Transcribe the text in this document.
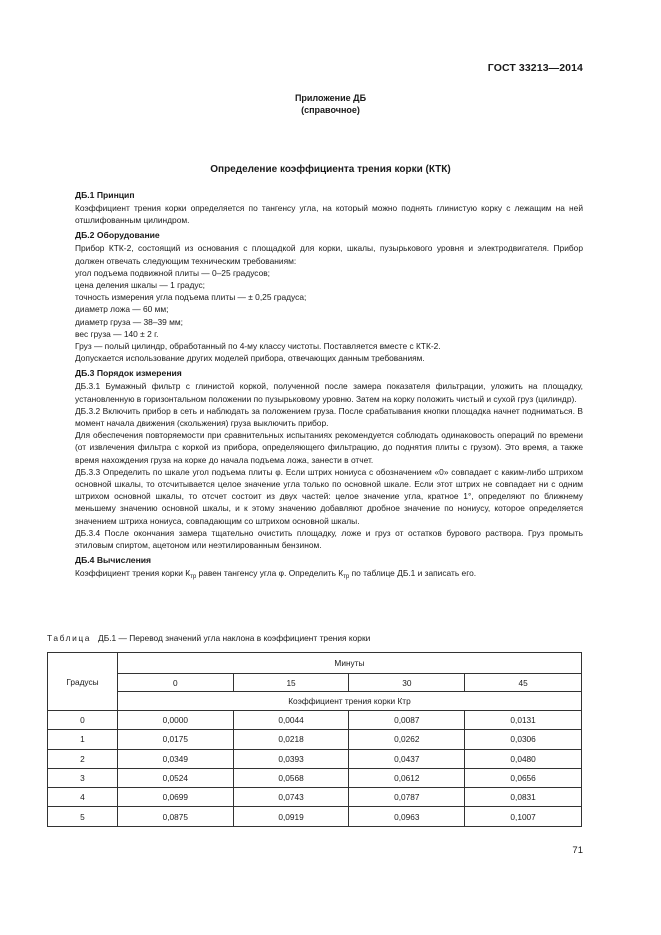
ГОСТ 33213—2014
Приложение ДБ
(справочное)
Определение коэффициента трения корки (КТК)
ДБ.1 Принцип

Коэффициент трения корки определяется по тангенсу угла, на который можно поднять глинистую корку с лежащим на ней отшлифованным цилиндром.

ДБ.2 Оборудование

Прибор КТК-2, состоящий из основания с площадкой для корки, шкалы, пузырькового уровня и электродвигателя. Прибор должен отвечать следующим техническим требованиям:

угол подъема подвижной плиты — 0–25 градусов;

цена деления шкалы — 1 градус;

точность измерения угла подъема плиты — ± 0,25 градуса;

диаметр ложа — 60 мм;

диаметр груза — 38–39 мм;

вес груза — 140 ± 2 г.

Груз — полый цилиндр, обработанный по 4-му классу чистоты. Поставляется вместе с КТК-2.

Допускается использование других моделей прибора, отвечающих данным требованиям.

ДБ.3 Порядок измерения

ДБ.3.1 Бумажный фильтр с глинистой коркой, полученной после замера показателя фильтрации, уложить на площадку, установленную в горизонтальном положении по пузырьковому уровню. Затем на корку положить чистый и сухой груз (цилиндр).

ДБ.3.2 Включить прибор в сеть и наблюдать за положением груза. После срабатывания кнопки площадка начнет подниматься. В момент начала движения (скольжения) груза выключить прибор.

Для обеспечения повторяемости при сравнительных испытаниях рекомендуется соблюдать одинаковость операций по времени (от извлечения фильтра с коркой из прибора, определяющего фильтрацию, до поднятия плиты с грузом). Это время, а также время нахождения груза на корке до начала подъема ложа, занести в отчет.

ДБ.3.3 Определить по шкале угол подъема плиты φ. Если штрих нониуса с обозначением «0» совпадает с каким-либо штрихом основной шкалы, то отсчитывается целое значение угла только по основной шкале. Если этот штрих не совпадает ни с одним штрихом основной шкалы, то отсчет состоит из двух частей: целое значение угла, кратное 1°, определяют по ближнему меньшему значению основной шкалы, и к этому значению добавляют дробное значение по нониусу, которое определяется значением штриха нониуса, совпадающим со штрихом основной шкалы.

ДБ.3.4 После окончания замера тщательно очистить площадку, ложе и груз от остатков бурового раствора. Груз промыть этиловым спиртом, ацетоном или неэтилированным бензином.

ДБ.4 Вычисления

Коэффициент трения корки $К_{тр}$ равен тангенсу угла φ. Определить $К_{тр}$ по таблице ДБ.1 и записать его.

Таблица ДБ.1 — Перевод значений угла наклона в коэффициент трения корки
Градусы	Минуты			
	0	15	30	45
	Коэффициент трения корки Ктр			
0	0,0000	0,0044	0,0087	0,0131
1	0,0175	0,0218	0,0262	0,0306
2	0,0349	0,0393	0,0437	0,0480
3	0,0524	0,0568	0,0612	0,0656
4	0,0699	0,0743	0,0787	0,0831
5	0,0875	0,0919	0,0963	0,1007
71
